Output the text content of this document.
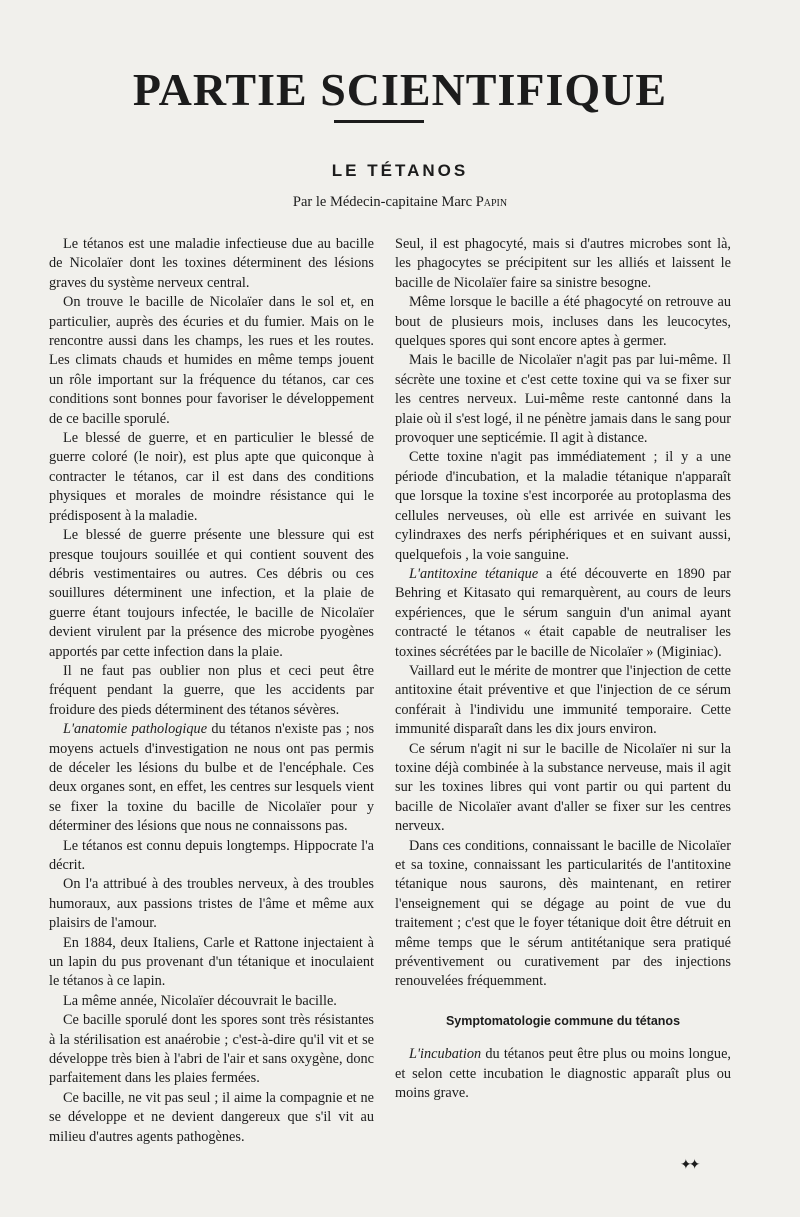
PARTIE SCIENTIFIQUE
LE TÉTANOS
Par le Médecin-capitaine Marc Papin

Le tétanos est une maladie infectieuse due au bacille de Nicolaïer dont les toxines déterminent des lésions graves du système nerveux central.

On trouve le bacille de Nicolaïer dans le sol et, en particulier, auprès des écuries et du fumier. Mais on le rencontre aussi dans les champs, les rues et les routes. Les climats chauds et humides en même temps jouent un rôle important sur la fréquence du tétanos, car ces conditions sont bonnes pour favoriser le développement de ce bacille sporulé.

Le blessé de guerre, et en particulier le blessé de guerre coloré (le noir), est plus apte que quiconque à contracter le tétanos, car il est dans des conditions physiques et morales de moindre résistance qui le prédisposent à la maladie.

Le blessé de guerre présente une blessure qui est presque toujours souillée et qui contient souvent des débris vestimentaires ou autres. Ces débris ou ces souillures déterminent une infection, et la plaie de guerre étant toujours infectée, le bacille de Nicolaïer devient virulent par la présence des microbe pyogènes apportés par cette infection dans la plaie.

Il ne faut pas oublier non plus et ceci peut être fréquent pendant la guerre, que les accidents par froidure des pieds déterminent des tétanos sévères.

L'anatomie pathologique du tétanos n'existe pas ; nos moyens actuels d'investigation ne nous ont pas permis de déceler les lésions du bulbe et de l'encéphale. Ces deux organes sont, en effet, les centres sur lesquels vient se fixer la toxine du bacille de Nicolaïer pour y déterminer des lésions que nous ne connaissons pas.

Le tétanos est connu depuis longtemps. Hippocrate l'a décrit.

On l'a attribué à des troubles nerveux, à des troubles humoraux, aux passions tristes de l'âme et même aux plaisirs de l'amour.

En 1884, deux Italiens, Carle et Rattone injectaient à un lapin du pus provenant d'un tétanique et inoculaient le tétanos à ce lapin.

La même année, Nicolaïer découvrait le bacille.

Ce bacille sporulé dont les spores sont très résistantes à la stérilisation est anaérobie ; c'est-à-dire qu'il vit et se développe très bien à l'abri de l'air et sans oxygène, donc parfaitement dans les plaies fermées.

Ce bacille, ne vit pas seul ; il aime la compagnie et ne se développe et ne devient dangereux que s'il vit au milieu d'autres agents pathogènes.

Seul, il est phagocyté, mais si d'autres microbes sont là, les phagocytes se précipitent sur les alliés et laissent le bacille de Nicolaïer faire sa sinistre besogne.

Même lorsque le bacille a été phagocyté on retrouve au bout de plusieurs mois, incluses dans les leucocytes, quelques spores qui sont encore aptes à germer.

Mais le bacille de Nicolaïer n'agit pas par lui-même. Il sécrète une toxine et c'est cette toxine qui va se fixer sur les centres nerveux. Lui-même reste cantonné dans la plaie où il s'est logé, il ne pénètre jamais dans le sang pour provoquer une septicémie. Il agit à distance.

Cette toxine n'agit pas immédiatement ; il y a une période d'incubation, et la maladie tétanique n'apparaît que lorsque la toxine s'est incorporée au protoplasma des cellules nerveuses, où elle est arrivée en suivant les cylindraxes des nerfs périphériques et en suivant aussi, quelquefois , la voie sanguine.

L'antitoxine tétanique a été découverte en 1890 par Behring et Kitasato qui remarquèrent, au cours de leurs expériences, que le sérum sanguin d'un animal ayant contracté le tétanos « était capable de neutraliser les toxines sécrétées par le bacille de Nicolaïer » (Miginiac).

Vaillard eut le mérite de montrer que l'injection de cette antitoxine était préventive et que l'injection de ce sérum conférait à l'individu une immunité temporaire. Cette immunité disparaît dans les dix jours environ.

Ce sérum n'agit ni sur le bacille de Nicolaïer ni sur la toxine déjà combinée à la substance nerveuse, mais il agit sur les toxines libres qui vont partir ou qui partent du bacille de Nicolaïer avant d'aller se fixer sur les centres nerveux.

Dans ces conditions, connaissant le bacille de Nicolaïer et sa toxine, connaissant les particularités de l'antitoxine tétanique nous saurons, dès maintenant, en retirer l'enseignement qui se dégage au point de vue du traitement ; c'est que le foyer tétanique doit être détruit en même temps que le sérum antitétanique sera pratiqué préventivement ou curativement par des injections renouvelées fréquemment.

Symptomatologie commune du tétanos

L'incubation du tétanos peut être plus ou moins longue, et selon cette incubation le diagnostic apparaît plus ou moins grave.

✦✦
